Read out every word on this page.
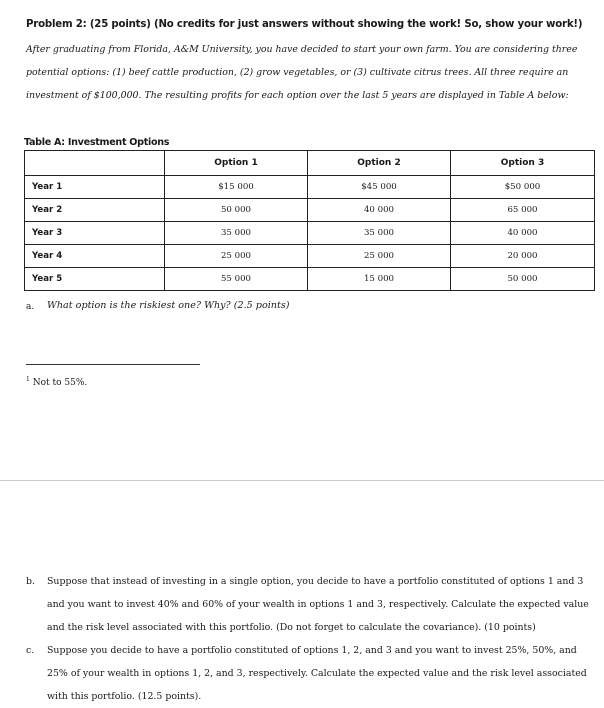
Problem 2: (25 points) (No credits for just answers without showing the work! So, show your work!)
After graduating from Florida, A&M University, you have decided to start your own farm. You are considering three potential options: (1) beef cattle production, (2) grow vegetables, or (3) cultivate citrus trees. All three require an investment of $100,000. The resulting profits for each option over the last 5 years are displayed in Table A below:
Table A: Investment Options
	Option 1	Option 2	Option 3
Year 1	$15 000	$45 000	$50 000
Year 2	50 000	40 000	65 000
Year 3	35 000	35 000	40 000
Year 4	25 000	25 000	20 000
Year 5	55 000	15 000	50 000
a. What option is the riskiest one? Why? (2.5 points)
$^1$ Not to 55%.
b. Suppose that instead of investing in a single option, you decide to have a portfolio constituted of options 1 and 3 and you want to invest 40% and 60% of your wealth in options 1 and 3, respectively. Calculate the expected value and the risk level associated with this portfolio. (Do not forget to calculate the covariance). (10 points)
c. Suppose you decide to have a portfolio constituted of options 1, 2, and 3 and you want to invest 25%, 50%, and 25% of your wealth in options 1, 2, and 3, respectively. Calculate the expected value and the risk level associated with this portfolio. (12.5 points).
